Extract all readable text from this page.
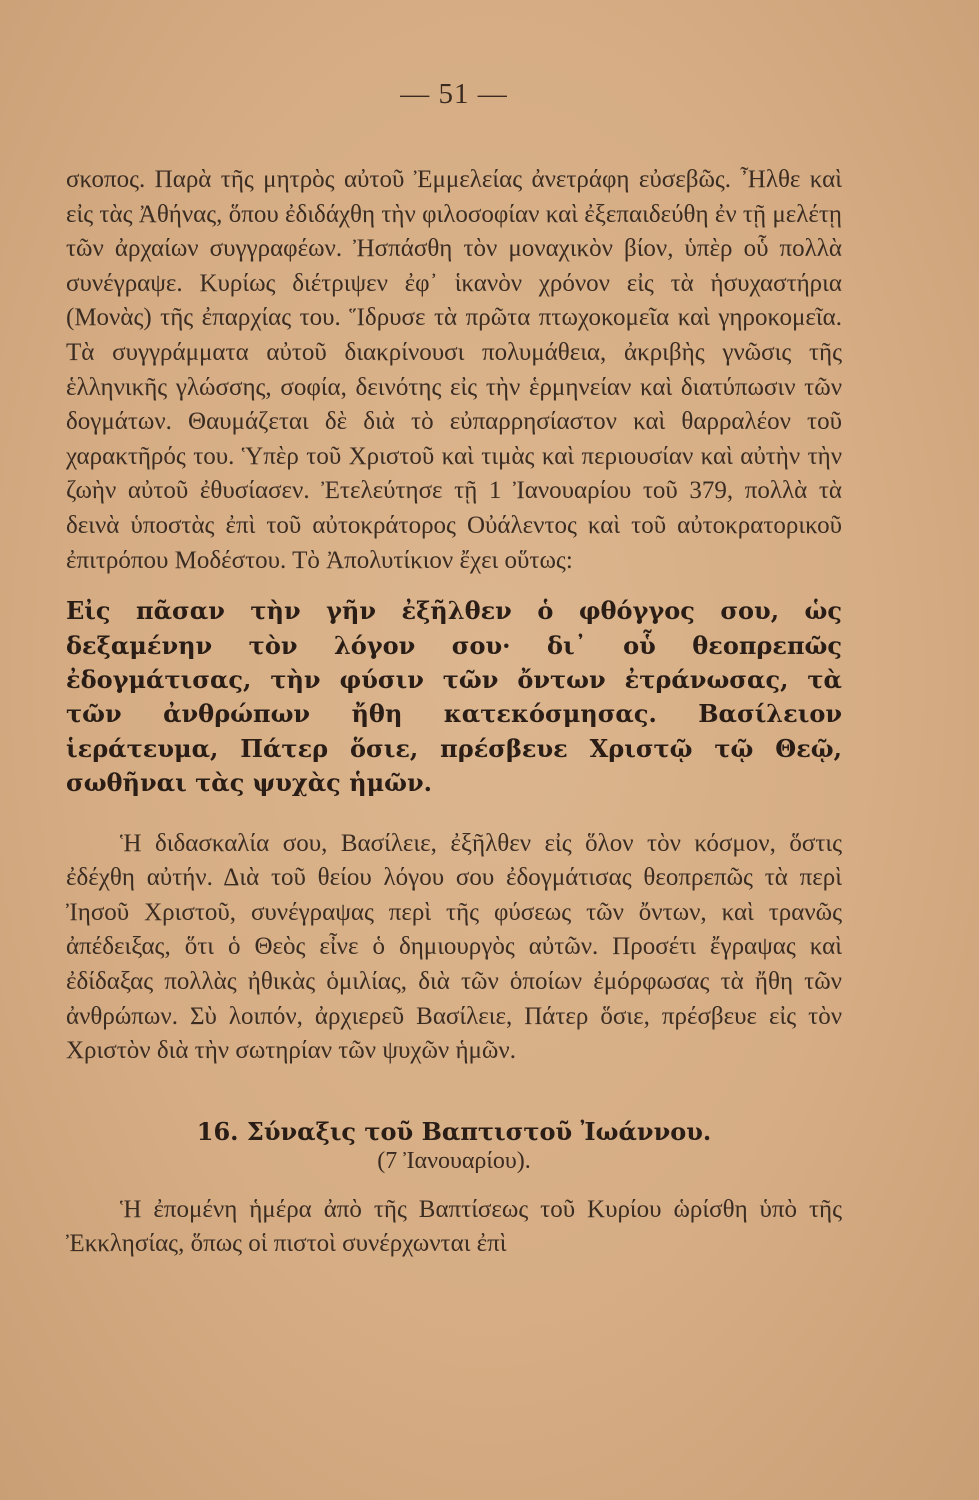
— 51 —

σκοπος. Παρὰ τῆς μητρὸς αὐτοῦ Ἐμμελείας ἀνετράφη εὐσεβῶς. Ἦλθε καὶ εἰς τὰς Ἀθήνας, ὅπου ἐδιδάχθη τὴν φιλοσοφίαν καὶ ἐξεπαιδεύθη ἐν τῇ μελέτῃ τῶν ἀρχαίων συγγραφέων. Ἠσπάσθη τὸν μοναχικὸν βίον, ὑπὲρ οὗ πολλὰ συνέγραψε. Κυρίως διέτριψεν ἐφ᾽ ἱκανὸν χρόνον εἰς τὰ ἡσυχαστήρια (Μονὰς) τῆς ἐπαρχίας του. Ἵδρυσε τὰ πρῶτα πτωχοκομεῖα καὶ γηροκομεῖα. Τὰ συγγράμματα αὐτοῦ διακρίνουσι πολυμάθεια, ἀκριβὴς γνῶσις τῆς ἑλληνικῆς γλώσσης, σοφία, δεινότης εἰς τὴν ἑρμηνείαν καὶ διατύπωσιν τῶν δογμάτων. Θαυμάζεται δὲ διὰ τὸ εὐπαρρησίαστον καὶ θαρραλέον τοῦ χαρακτῆρός του. Ὑπὲρ τοῦ Χριστοῦ καὶ τιμὰς καὶ περιουσίαν καὶ αὐτὴν τὴν ζωὴν αὐτοῦ ἐθυσίασεν. Ἐτελεύτησε τῇ 1 Ἰανουαρίου τοῦ 379, πολλὰ τὰ δεινὰ ὑποστὰς ἐπὶ τοῦ αὐτοκράτορος Οὐάλεντος καὶ τοῦ αὐτοκρατορικοῦ ἐπιτρόπου Μοδέστου. Τὸ Ἀπολυτίκιον ἔχει οὕτως:

Εἰς πᾶσαν τὴν γῆν ἐξῆλθεν ὁ φθόγγος σου, ὡς δεξαμένην τὸν λόγον σου· δι᾽ οὗ θεοπρεπῶς ἐδογμάτισας, τὴν φύσιν τῶν ὄντων ἐτράνωσας, τὰ τῶν ἀνθρώπων ἤθη κατεκόσμησας. Βασίλειον ἱεράτευμα, Πάτερ ὅσιε, πρέσβευε Χριστῷ τῷ Θεῷ, σωθῆναι τὰς ψυχὰς ἡμῶν.

Ἡ διδασκαλία σου, Βασίλειε, ἐξῆλθεν εἰς ὅλον τὸν κόσμον, ὅστις ἐδέχθη αὐτήν. Διὰ τοῦ θείου λόγου σου ἐδογμάτισας θεοπρεπῶς τὰ περὶ Ἰησοῦ Χριστοῦ, συνέγραψας περὶ τῆς φύσεως τῶν ὄντων, καὶ τρανῶς ἀπέδειξας, ὅτι ὁ Θεὸς εἶνε ὁ δημιουργὸς αὐτῶν. Προσέτι ἔγραψας καὶ ἐδίδαξας πολλὰς ἠθικὰς ὁμιλίας, διὰ τῶν ὁποίων ἐμόρφωσας τὰ ἤθη τῶν ἀνθρώπων. Σὺ λοιπόν, ἀρχιερεῦ Βασίλειε, Πάτερ ὅσιε, πρέσβευε εἰς τὸν Χριστὸν διὰ τὴν σωτηρίαν τῶν ψυχῶν ἡμῶν.

16. Σύναξις τοῦ Βαπτιστοῦ Ἰωάννου.
(7 Ἰανουαρίου).

Ἡ ἐπομένη ἡμέρα ἀπὸ τῆς Βαπτίσεως τοῦ Κυρίου ὡρίσθη ὑπὸ τῆς Ἐκκλησίας, ὅπως οἱ πιστοὶ συνέρχωνται ἐπὶ
